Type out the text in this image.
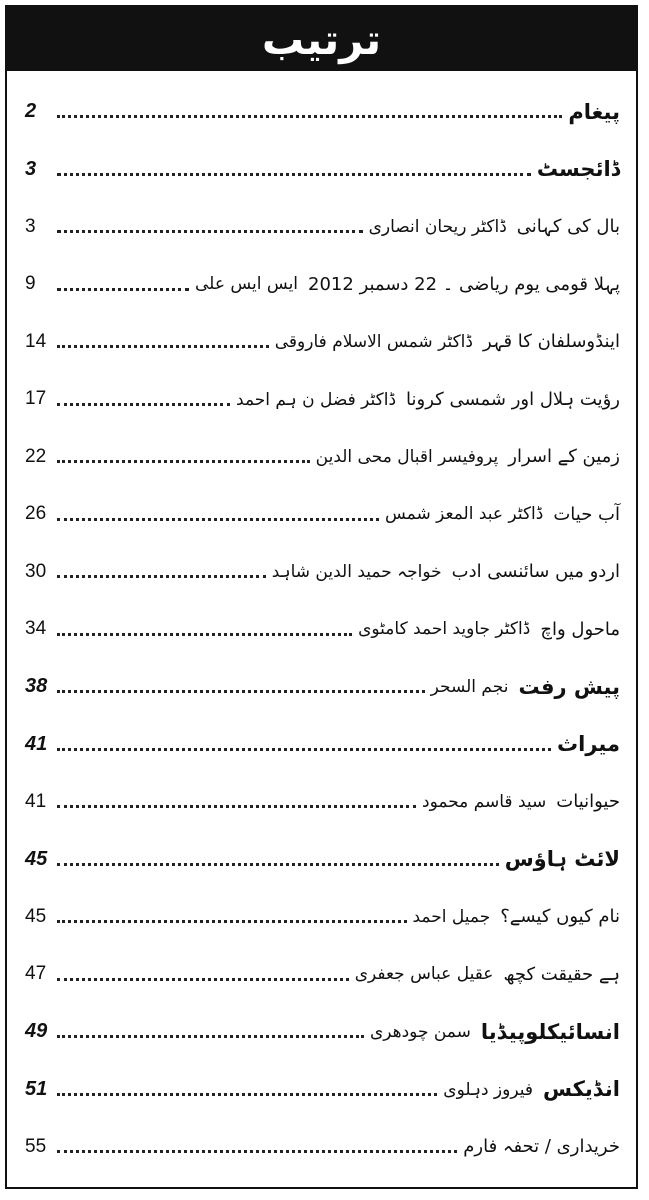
ترتیب
پیغام
2
ڈائجسٹ
3
بال کی کہانی
ڈاکٹر ریحان انصاری
3
پہلا قومی یوم ریاضی ۔ 22 دسمبر 2012
ایس ایس علی
9
اینڈوسلفان کا قہر
ڈاکٹر شمس الاسلام فاروقی
14
رؤیت ہلال اور شمسی کرونا
ڈاکٹر فضل ن ہم احمد
17
زمین کے اسرار
پروفیسر اقبال محی الدین
22
آب حیات
ڈاکٹر عبد المعز شمس
26
اردو میں سائنسی ادب
خواجہ حمید الدین شاہد
30
ماحول واچ
ڈاکٹر جاوید احمد کامٹوی
34
پیش رفت
نجم السحر
38
میراث
41
حیوانیات
سید قاسم محمود
41
لائٹ ہاؤس
45
نام کیوں کیسے؟
جمیل احمد
45
ہے حقیقت کچھ
عقیل عباس جعفری
47
انسائیکلوپیڈیا
سمن چودھری
49
انڈیکس
فیروز دہلوی
51
خریداری / تحفہ فارم
55
